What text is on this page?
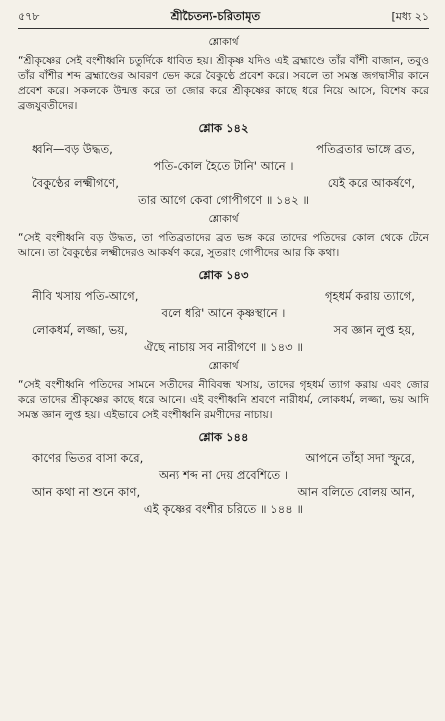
৫৭৮	শ্রীচৈতন্য-চরিতামৃত	[মধ্য ২১
শ্লোকার্থ

“শ্রীকৃষ্ণের সেই বংশীধ্বনি চতুর্দিকে ধাবিত হয়। শ্রীকৃষ্ণ যদিও এই ব্রহ্মাণ্ডে তাঁর বাঁশী বাজান, তবুও তাঁর বাঁশীর শব্দ ব্রহ্মাণ্ডের আবরণ ভেদ করে বৈকুণ্ঠে প্রবেশ করে। সবলে তা সমস্ত জগদ্বাসীর কানে প্রবেশ করে। সকলকে উন্মত্ত করে তা জোর করে শ্রীকৃষ্ণের কাছে ধরে নিয়ে আসে, বিশেষ করে ব্রজযুবতীদের।

শ্লোক ১৪২
ধ্বনি—বড় উদ্ধত,	পতিব্রতার ভাঙ্গে ব্রত,
পতি-কোল হৈতে টানি' আনে ।
বৈকুণ্ঠের লক্ষ্মীগণে,	যেই করে আকর্ষণে,
তার আগে কেবা গোপীগণে ॥ ১৪২ ॥
শ্লোকার্থ

“সেই বংশীধ্বনি বড় উদ্ধত, তা পতিব্রতাদের ব্রত ভঙ্গ করে তাদের পতিদের কোল থেকে টেনে আনে। তা বৈকুণ্ঠের লক্ষ্মীদেরও আকর্ষণ করে, সুতরাং গোপীদের আর কি কথা।

শ্লোক ১৪৩
নীবি খসায় পতি-আগে,	গৃহধর্ম করায় ত্যাগে,
বলে ধরি' আনে কৃষ্ণস্থানে ।
লোকধর্ম, লজ্জা, ভয়,	সব জ্ঞান লুপ্ত হয়,
ঐছে নাচায় সব নারীগণে ॥ ১৪৩ ॥
শ্লোকার্থ

“সেই বংশীধ্বনি পতিদের সামনে সতীদের নীবিবন্ধ খসায়, তাদের গৃহধর্ম ত্যাগ করায় এবং জোর করে তাদের শ্রীকৃষ্ণের কাছে ধরে আনে। এই বংশীধ্বনি শ্রবণে নারীধর্ম, লোকধর্ম, লজ্জা, ভয় আদি সমস্ত জ্ঞান লুপ্ত হয়। এইভাবে সেই বংশীধ্বনি রমণীদের নাচায়।

শ্লোক ১৪৪
কাণের ভিতর বাসা করে,	আপনে তাঁহা সদা স্ফুরে,
অন্য শব্দ না দেয় প্রবেশিতে ।
আন কথা না শুনে কাণ,	আন বলিতে বোলয় আন,
এই কৃষ্ণের বংশীর চরিতে ॥ ১৪৪ ॥
